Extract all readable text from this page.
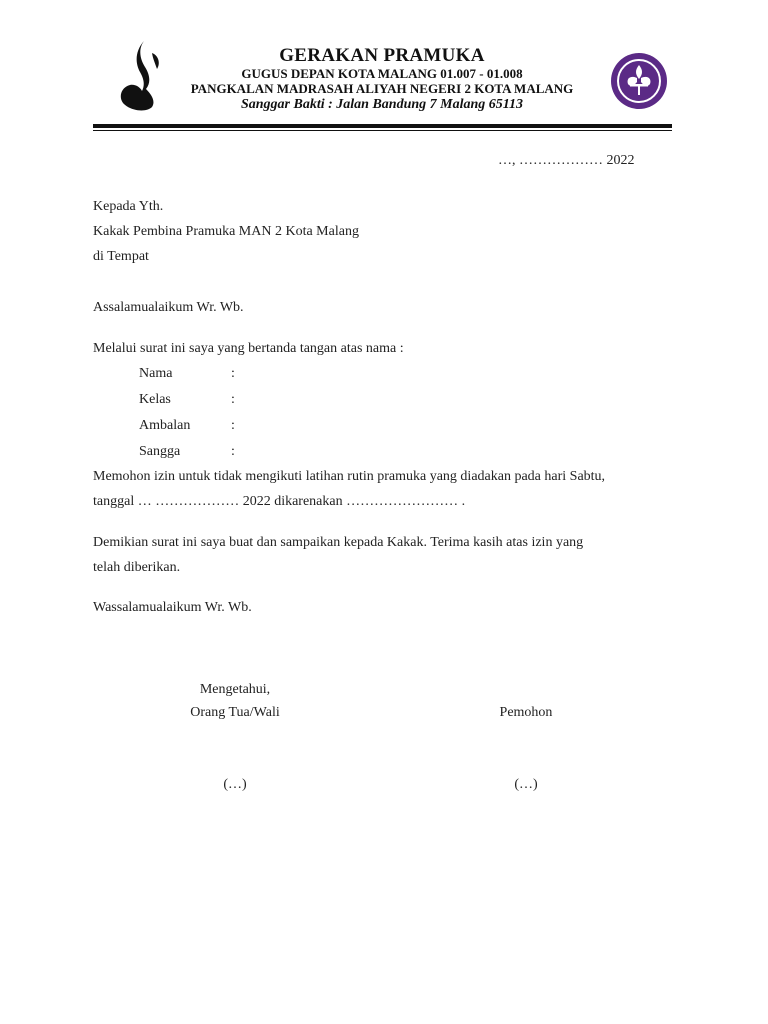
GERAKAN PRAMUKA
GUGUS DEPAN KOTA MALANG 01.007 - 01.008
PANGKALAN MADRASAH ALIYAH NEGERI 2 KOTA MALANG
Sanggar Bakti : Jalan Bandung 7 Malang 65113
…, ……………… 2022
Kepada Yth.
Kakak Pembina Pramuka MAN 2 Kota Malang
di Tempat
Assalamualaikum Wr. Wb.
Melalui surat ini saya yang bertanda tangan atas nama :
Nama	:
Kelas	:
Ambalan	:
Sangga	:
Memohon izin untuk tidak mengikuti latihan rutin pramuka yang diadakan pada hari Sabtu,
tanggal … ……………… 2022 dikarenakan …………………… .
Demikian surat ini saya buat dan sampaikan kepada Kakak. Terima kasih atas izin yang
telah diberikan.
Wassalamualaikum Wr. Wb.
Mengetahui,
Orang Tua/Wali	Pemohon
(…)	(…)
